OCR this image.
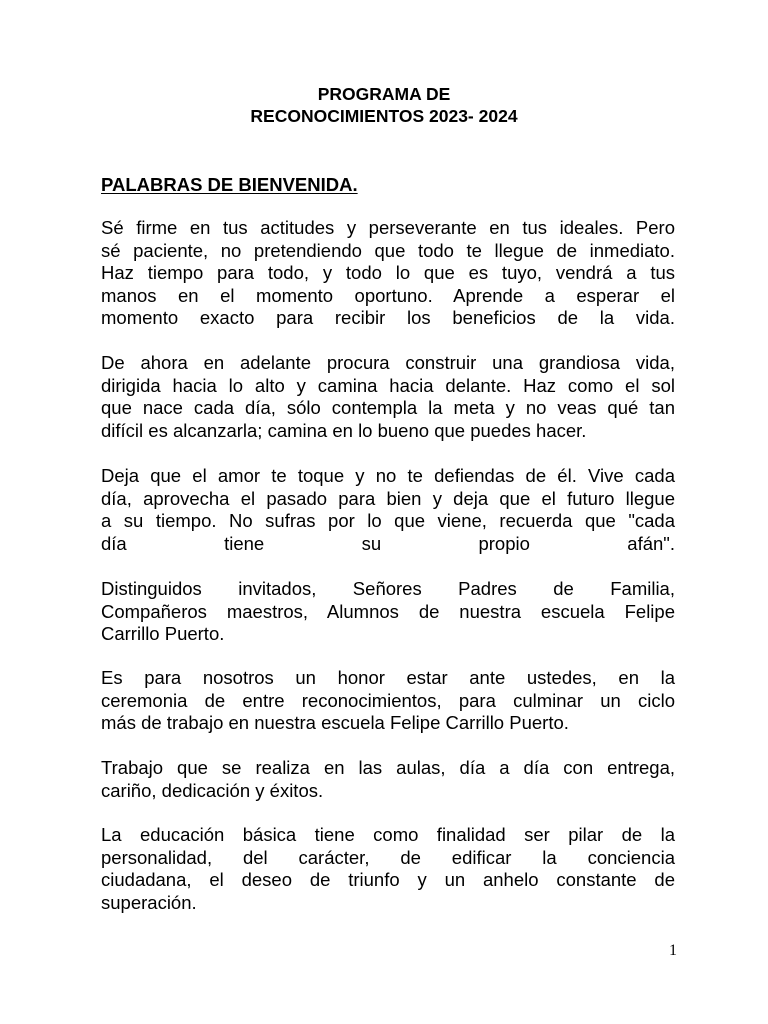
PROGRAMA DE
RECONOCIMIENTOS 2023- 2024
PALABRAS DE BIENVENIDA.
Sé firme en tus actitudes y perseverante en tus ideales. Pero
sé paciente, no pretendiendo que todo te llegue de inmediato.
Haz tiempo para todo, y todo lo que es tuyo, vendrá a tus
manos en el momento oportuno. Aprende a esperar el
momento exacto para recibir los beneficios de la vida.
De ahora en adelante procura construir una grandiosa vida,
dirigida hacia lo alto y camina hacia delante. Haz como el sol
que nace cada día, sólo contempla la meta y no veas qué tan
difícil es alcanzarla; camina en lo bueno que puedes hacer.
Deja que el amor te toque y no te defiendas de él. Vive cada
día, aprovecha el pasado para bien y deja que el futuro llegue
a su tiempo. No sufras por lo que viene, recuerda que "cada
día tiene su propio afán".
Distinguidos invitados, Señores Padres de Familia,
Compañeros maestros, Alumnos de nuestra escuela Felipe
Carrillo Puerto.
Es para nosotros un honor estar ante ustedes, en la
ceremonia de entre reconocimientos, para culminar un ciclo
más de trabajo en nuestra escuela Felipe Carrillo Puerto.
Trabajo que se realiza en las aulas, día a día con entrega,
cariño, dedicación y éxitos.
La educación básica tiene como finalidad ser pilar de la
personalidad, del carácter, de edificar la conciencia
ciudadana, el deseo de triunfo y un anhelo constante de
superación.
1
